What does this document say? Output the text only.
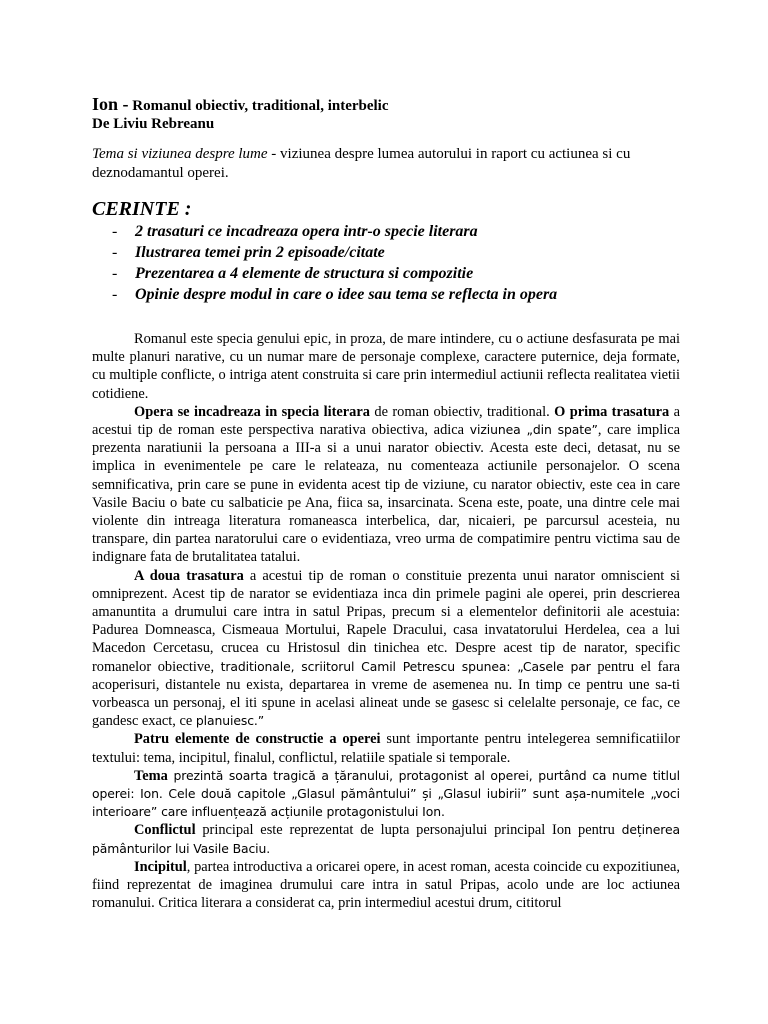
Ion - Romanul obiectiv, traditional, interbelic
De Liviu Rebreanu
Tema si viziunea despre lume - viziunea despre lumea autorului in raport cu actiunea si cu deznodamantul operei.
CERINTE :
- 2 trasaturi ce incadreaza opera intr-o specie literara
- Ilustrarea temei prin 2 episoade/citate
- Prezentarea a 4 elemente de structura si compozitie
- Opinie despre modul in care o idee sau tema se reflecta in opera

Romanul este specia genului epic, in proza, de mare intindere, cu o actiune desfasurata pe mai multe planuri narative, cu un numar mare de personaje complexe, caractere puternice, deja formate, cu multiple conflicte, o intriga atent construita si care prin intermediul actiunii reflecta realitatea vietii cotidiene.

Opera se incadreaza in specia literara de roman obiectiv, traditional. O prima trasatura a acestui tip de roman este perspectiva narativa obiectiva, adica viziunea „din spate”, care implica prezenta naratiunii la persoana a III-a si a unui narator obiectiv. Acesta este deci, detasat, nu se implica in evenimentele pe care le relateaza, nu comenteaza actiunile personajelor. O scena semnificativa, prin care se pune in evidenta acest tip de viziune, cu narator obiectiv, este cea in care Vasile Baciu o bate cu salbaticie pe Ana, fiica sa, insarcinata. Scena este, poate, una dintre cele mai violente din intreaga literatura romaneasca interbelica, dar, nicaieri, pe parcursul acesteia, nu transpare, din partea naratorului care o evidentiaza, vreo urma de compatimire pentru victima sau de indignare fata de brutalitatea tatalui.

A doua trasatura a acestui tip de roman o constituie prezenta unui narator omniscient si omniprezent. Acest tip de narator se evidentiaza inca din primele pagini ale operei, prin descrierea amanuntita a drumului care intra in satul Pripas, precum si a elementelor definitorii ale acestuia: Padurea Domneasca, Cismeaua Mortului, Rapele Dracului, casa invatatorului Herdelea, cea a lui Macedon Cercetasu, crucea cu Hristosul din tinichea etc. Despre acest tip de narator, specific romanelor obiective, traditionale, scriitorul Camil Petrescu spunea: „Casele par pentru el fara acoperisuri, distantele nu exista, departarea in vreme de asemenea nu. In timp ce pentru une sa-ti vorbeasca un personaj, el iti spune in acelasi alineat unde se gasesc si celelalte personaje, ce fac, ce gandesc exact, ce planuiesc.”

Patru elemente de constructie a operei sunt importante pentru intelegerea semnificatiilor textului: tema, incipitul, finalul, conflictul, relatiile spatiale si temporale.

Tema prezintă soarta tragică a țăranului, protagonist al operei, purtând ca nume titlul operei: Ion. Cele două capitole „Glasul pământului” și „Glasul iubirii” sunt așa-numitele „voci interioare” care influențează acțiunile protagonistului Ion.

Conflictul principal este reprezentat de lupta personajului principal Ion pentru deținerea pământurilor lui Vasile Baciu.

Incipitul, partea introductiva a oricarei opere, in acest roman, acesta coincide cu expozitiunea, fiind reprezentat de imaginea drumului care intra in satul Pripas, acolo unde are loc actiunea romanului. Critica literara a considerat ca, prin intermediul acestui drum, cititorul
